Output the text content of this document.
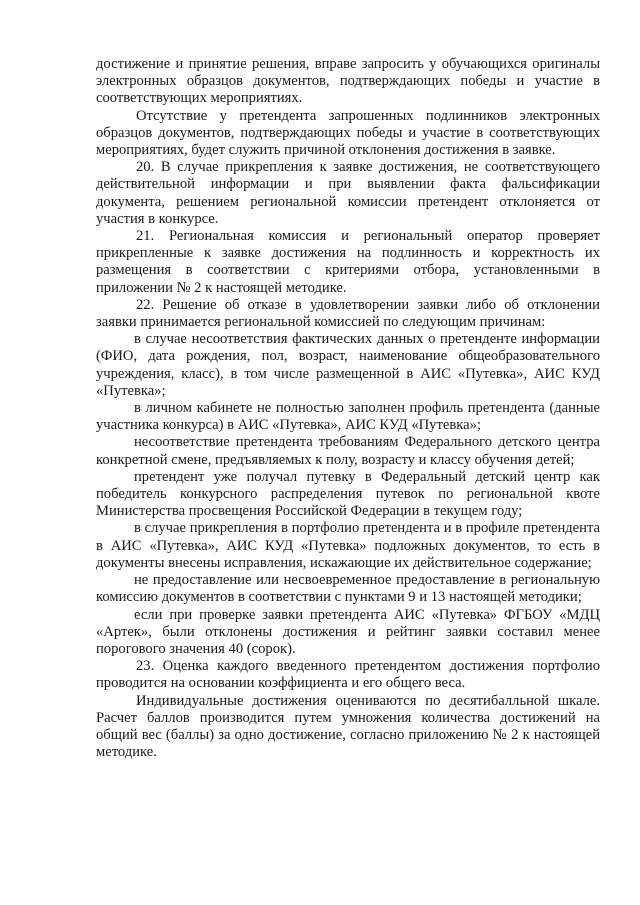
достижение и принятие решения, вправе запросить у обучающихся оригиналы электронных образцов документов, подтверждающих победы и участие в соответствующих мероприятиях.

Отсутствие у претендента запрошенных подлинников электронных образцов документов, подтверждающих победы и участие в соответствующих мероприятиях, будет служить причиной отклонения достижения в заявке.

20. В случае прикрепления к заявке достижения, не соответствующего действительной информации и при выявлении факта фальсификации документа, решением региональной комиссии претендент отклоняется от участия в конкурсе.

21. Региональная комиссия и региональный оператор проверяет прикрепленные к заявке достижения на подлинность и корректность их размещения в соответствии с критериями отбора, установленными в приложении № 2 к настоящей методике.

22. Решение об отказе в удовлетворении заявки либо об отклонении заявки принимается региональной комиссией по следующим причинам:

в случае несоответствия фактических данных о претенденте информации (ФИО, дата рождения, пол, возраст, наименование общеобразовательного учреждения, класс), в том числе размещенной в АИС «Путевка», АИС КУД «Путевка»;

в личном кабинете не полностью заполнен профиль претендента (данные участника конкурса) в АИС «Путевка», АИС КУД «Путевка»;

несоответствие претендента требованиям Федерального детского центра конкретной смене, предъявляемых к полу, возрасту и классу обучения детей;

претендент уже получал путевку в Федеральный детский центр как победитель конкурсного распределения путевок по региональной квоте Министерства просвещения Российской Федерации в текущем году;

в случае прикрепления в портфолио претендента и в профиле претендента в АИС «Путевка», АИС КУД «Путевка» подложных документов, то есть в документы внесены исправления, искажающие их действительное содержание;

не предоставление или несвоевременное предоставление в региональную комиссию документов в соответствии с пунктами 9 и 13 настоящей методики;

если при проверке заявки претендента АИС «Путевка» ФГБОУ «МДЦ «Артек», были отклонены достижения и рейтинг заявки составил менее порогового значения 40 (сорок).

23. Оценка каждого введенного претендентом достижения портфолио проводится на основании коэффициента и его общего веса.

Индивидуальные достижения оцениваются по десятибалльной шкале. Расчет баллов производится путем умножения количества достижений на общий вес (баллы) за одно достижение, согласно приложению № 2 к настоящей методике.
